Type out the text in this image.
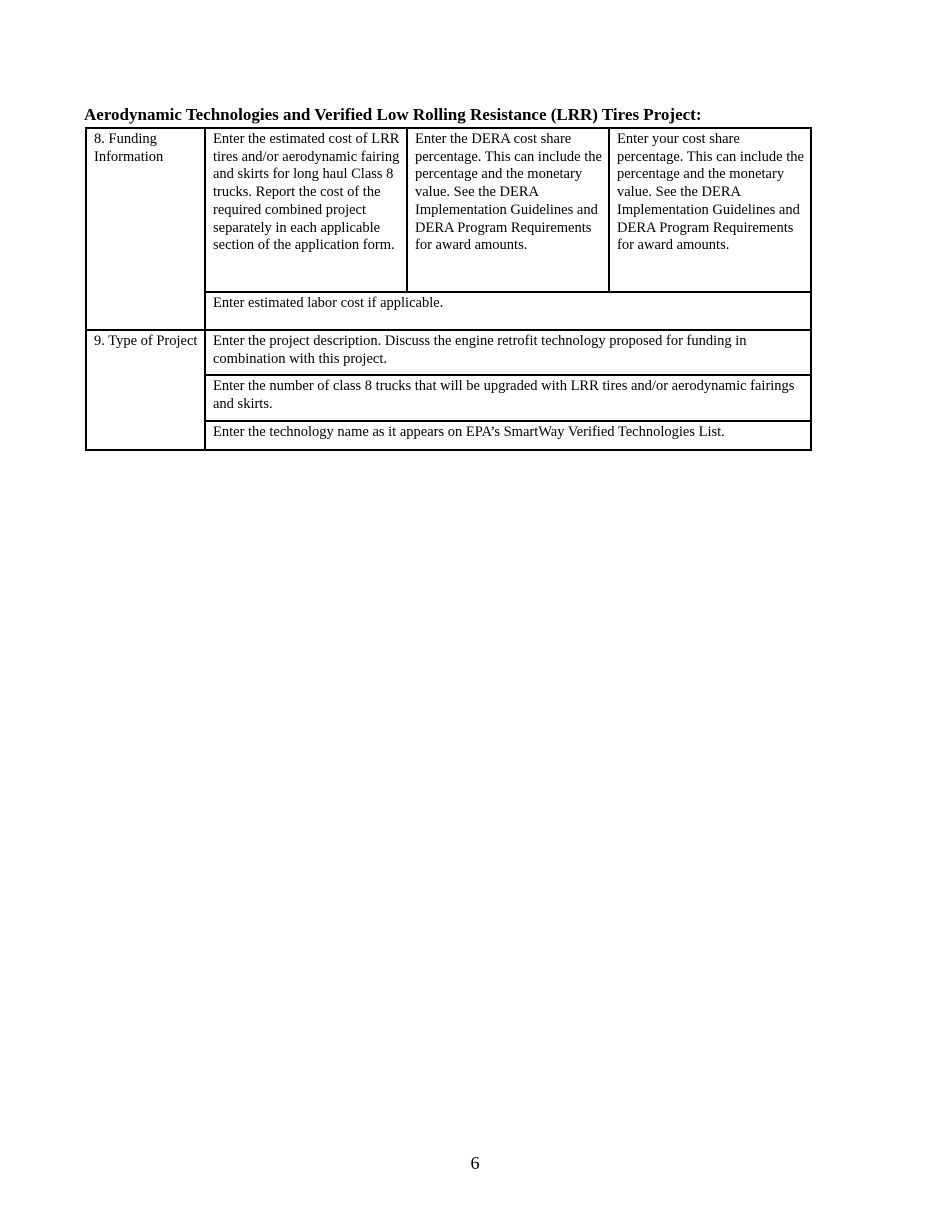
Aerodynamic Technologies and Verified Low Rolling Resistance (LRR) Tires Project:
8. Funding Information	Enter the estimated cost of LRR tires and/or aerodynamic fairing and skirts for long haul Class 8 trucks. Report the cost of the required combined project separately in each applicable section of the application form.	Enter the DERA cost share percentage. This can include the percentage and the monetary value. See the DERA Implementation Guidelines and DERA Program Requirements for award amounts.	Enter your cost share percentage. This can include the percentage and the monetary value. See the DERA Implementation Guidelines and DERA Program Requirements for award amounts.
	Enter estimated labor cost if applicable.		
9. Type of Project	Enter the project description. Discuss the engine retrofit technology proposed for funding in combination with this project.		
	Enter the number of class 8 trucks that will be upgraded with LRR tires and/or aerodynamic fairings and skirts.		
	Enter the technology name as it appears on EPA’s SmartWay Verified Technologies List.		
6
